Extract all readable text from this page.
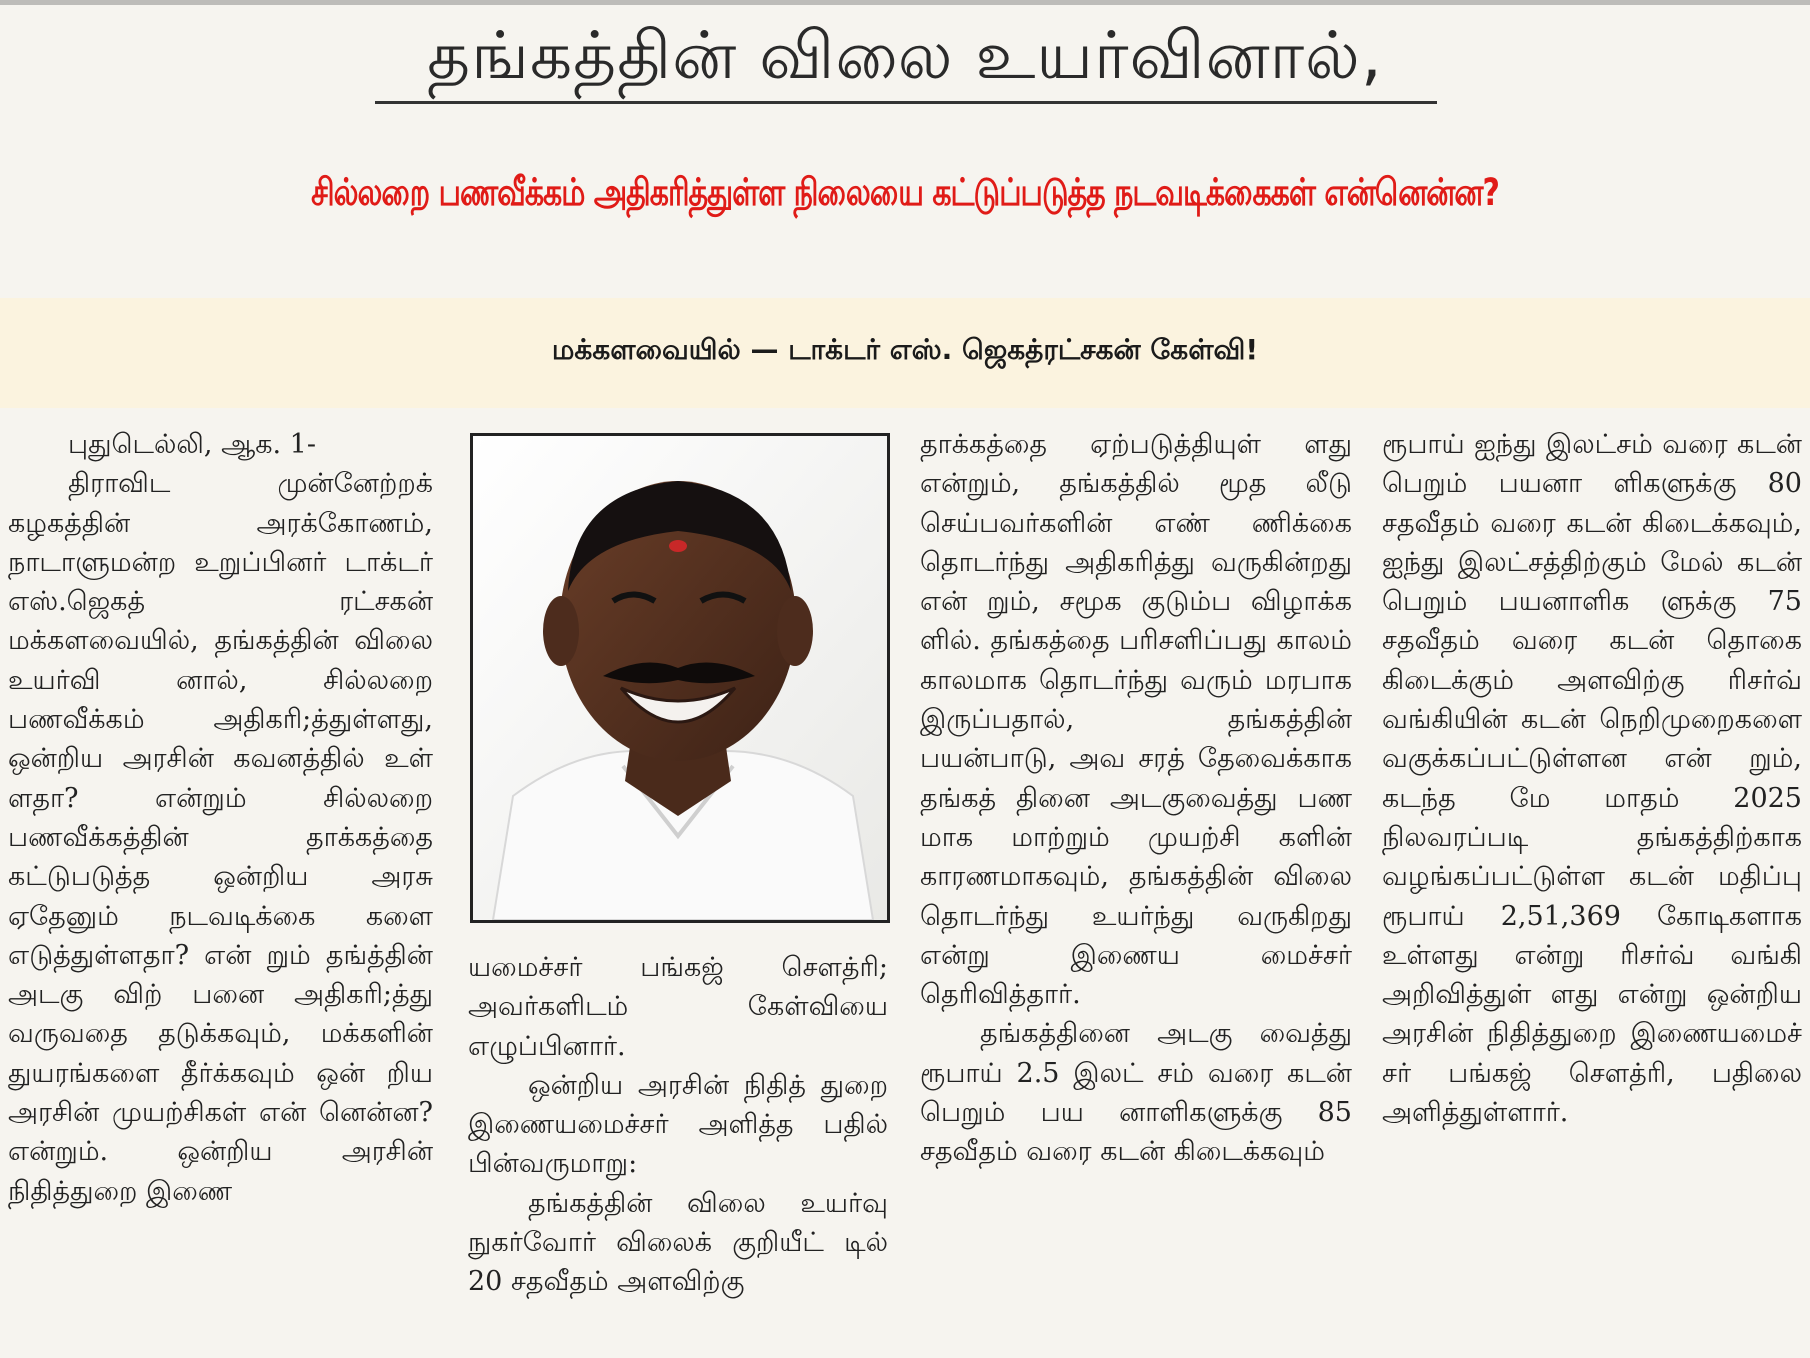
தங்கத்தின் விலை உயர்வினால்,
சில்லறை பணவீக்கம் அதிகரித்துள்ள நிலையை கட்டுப்படுத்த நடவடிக்கைகள் என்னென்ன?
மக்களவையில் — டாக்டர் எஸ். ஜெகத்ரட்சகன் கேள்வி!

புதுடெல்லி, ஆக. 1-

திராவிட முன்னேற்றக் கழகத்தின் அரக்கோணம், நாடாளுமன்ற உறுப்பினர் டாக்டர் எஸ்.ஜெகத் ரட்சகன் மக்களவையில், தங்கத்தின் விலை உயர்வி னால், சில்லறை பணவீக்கம் அதிகரி;த்துள்ளது, ஒன்றிய அரசின் கவனத்தில் உள் ளதா? என்றும் சில்லறை பணவீக்கத்தின் தாக்கத்தை கட்டுபடுத்த ஒன்றிய அரசு ஏதேனும் நடவடிக்கை களை எடுத்துள்ளதா? என் றும் தங்த்தின் அடகு விற் பனை அதிகரி;த்து வருவதை தடுக்கவும், மக்களின் துயரங்களை தீர்க்கவும் ஒன் றிய அரசின் முயற்சிகள் என் னென்ன? என்றும். ஒன்றிய அரசின் நிதித்துறை இணை

யமைச்சர் பங்கஜ் சௌத்ரி; அவர்களிடம் கேள்வியை எழுப்பினார்.

ஒன்றிய அரசின் நிதித் துறை இணையமைச்சர் அளித்த பதில் பின்வருமாறு:

தங்கத்தின் விலை உயர்வு நுகர்வோர் விலைக் குறியீட் டில் 20 சதவீதம் அளவிற்கு

தாக்கத்தை ஏற்படுத்தியுள் ளது என்றும், தங்கத்தில் மூத லீடு செய்பவர்களின் எண் ணிக்கை தொடர்ந்து அதிகரித்து வருகின்றது என் றும், சமூக குடும்ப விழாக்க ளில். தங்கத்தை பரிசளிப்பது காலம் காலமாக தொடர்ந்து வரும் மரபாக இருப்பதால், தங்கத்தின் பயன்பாடு, அவ சரத் தேவைக்காக தங்கத் தினை அடகுவைத்து பண மாக மாற்றும் முயற்சி களின் காரணமாகவும், தங்கத்தின் விலை தொடர்ந்து உயர்ந்து வருகிறது என்று இணைய மைச்சர் தெரிவித்தார்.

தங்கத்தினை அடகு வைத்து ரூபாய் 2.5 இலட் சம் வரை கடன் பெறும் பய னாளிகளுக்கு 85 சதவீதம் வரை கடன் கிடைக்கவும்

ரூபாய் ஐந்து இலட்சம் வரை கடன் பெறும் பயனா ளிகளுக்கு 80 சதவீதம் வரை கடன் கிடைக்கவும், ஐந்து இலட்சத்திற்கும் மேல் கடன் பெறும் பயனாளிக ளுக்கு 75 சதவீதம் வரை கடன் தொகை கிடைக்கும் அளவிற்கு ரிசர்வ் வங்கியின் கடன் நெறிமுறைகளை வகுக்கப்பட்டுள்ளன என் றும், கடந்த மே மாதம் 2025 நிலவரப்படி தங்கத்திற்காக வழங்கப்பட்டுள்ள கடன் மதிப்பு ரூபாய் 2,51,369 கோடிகளாக உள்ளது என்று ரிசர்வ் வங்கி அறிவித்துள் ளது என்று ஒன்றிய அரசின் நிதித்துறை இணையமைச் சர் பங்கஜ் சௌத்ரி, பதிலை அளித்துள்ளார்.
